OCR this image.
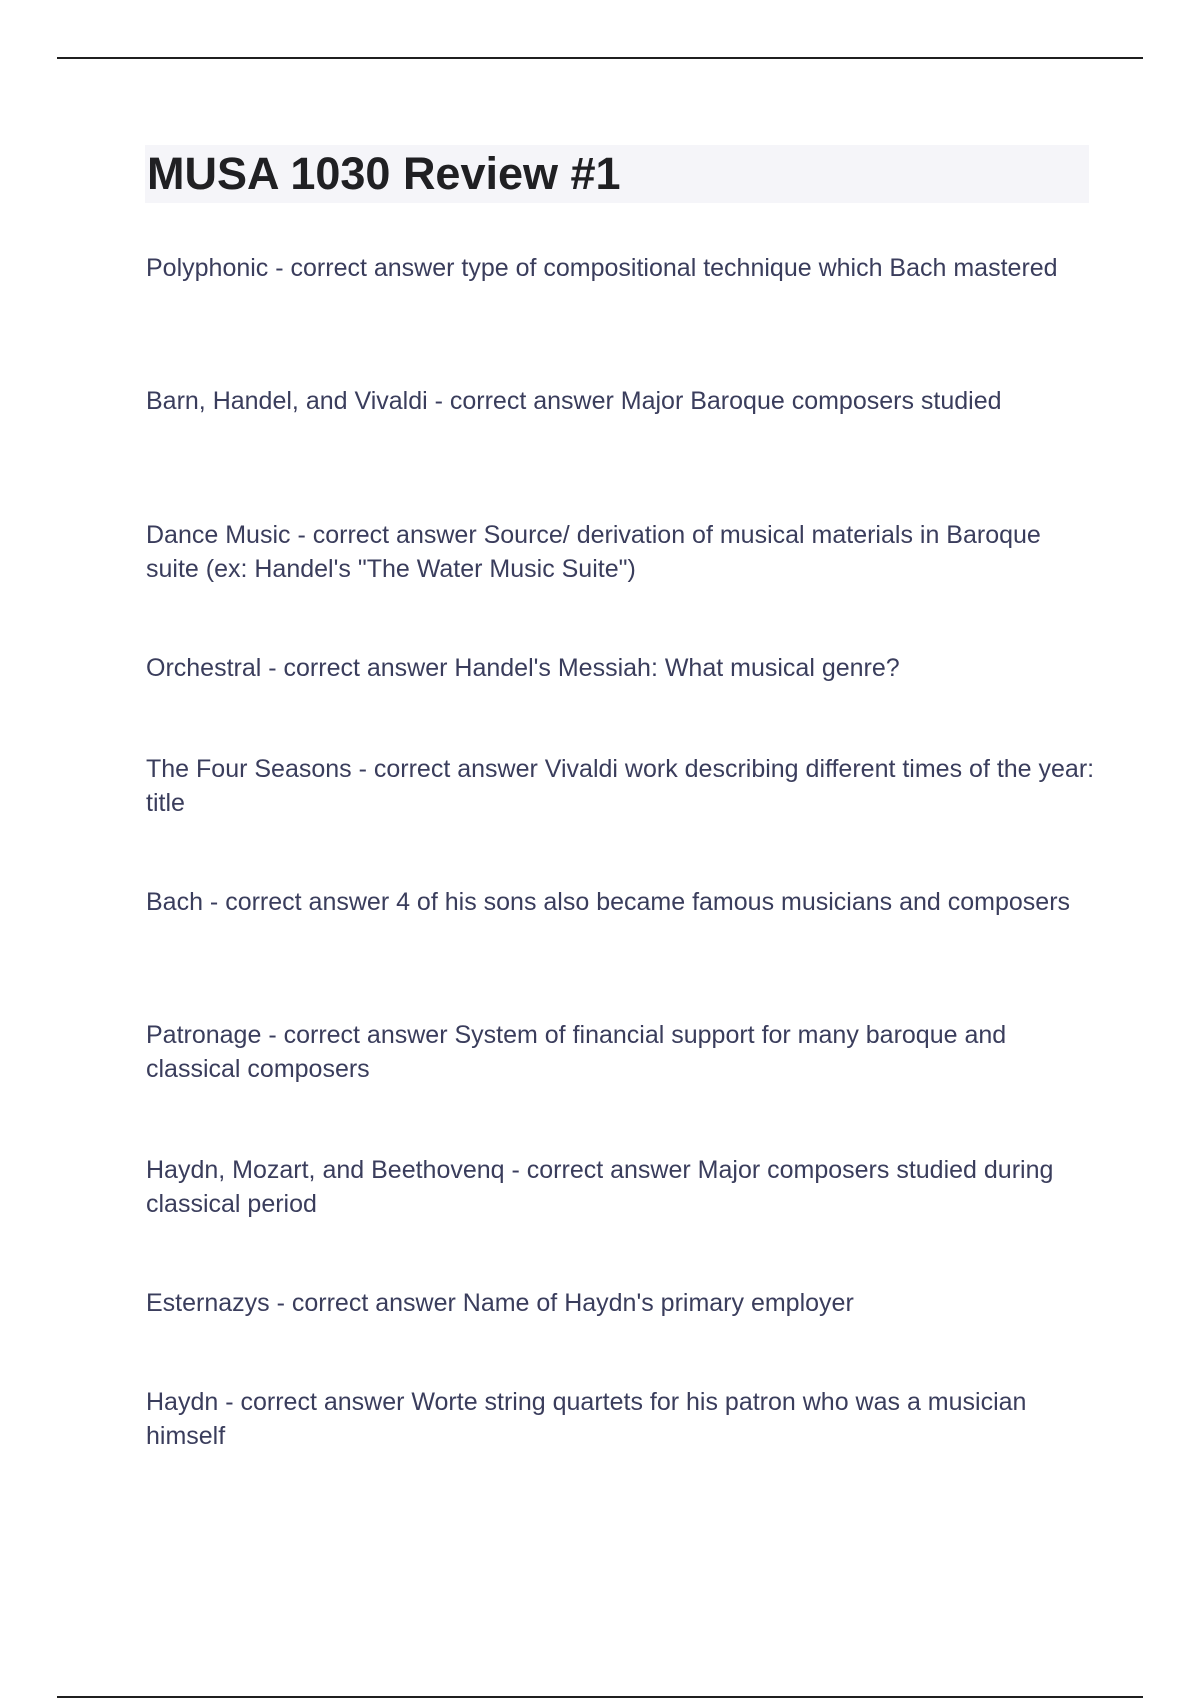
MUSA 1030 Review #1

Polyphonic - correct answer type of compositional technique which Bach mastered

Barn, Handel, and Vivaldi - correct answer Major Baroque composers studied

Dance Music - correct answer Source/ derivation of musical materials in Baroque suite (ex: Handel's "The Water Music Suite")

Orchestral - correct answer Handel's Messiah: What musical genre?

The Four Seasons - correct answer Vivaldi work describing different times of the year: title

Bach - correct answer 4 of his sons also became famous musicians and composers

Patronage - correct answer System of financial support for many baroque and classical composers

Haydn, Mozart, and Beethovenq - correct answer Major composers studied during classical period

Esternazys - correct answer Name of Haydn's primary employer

Haydn - correct answer Worte string quartets for his patron who was a musician himself
